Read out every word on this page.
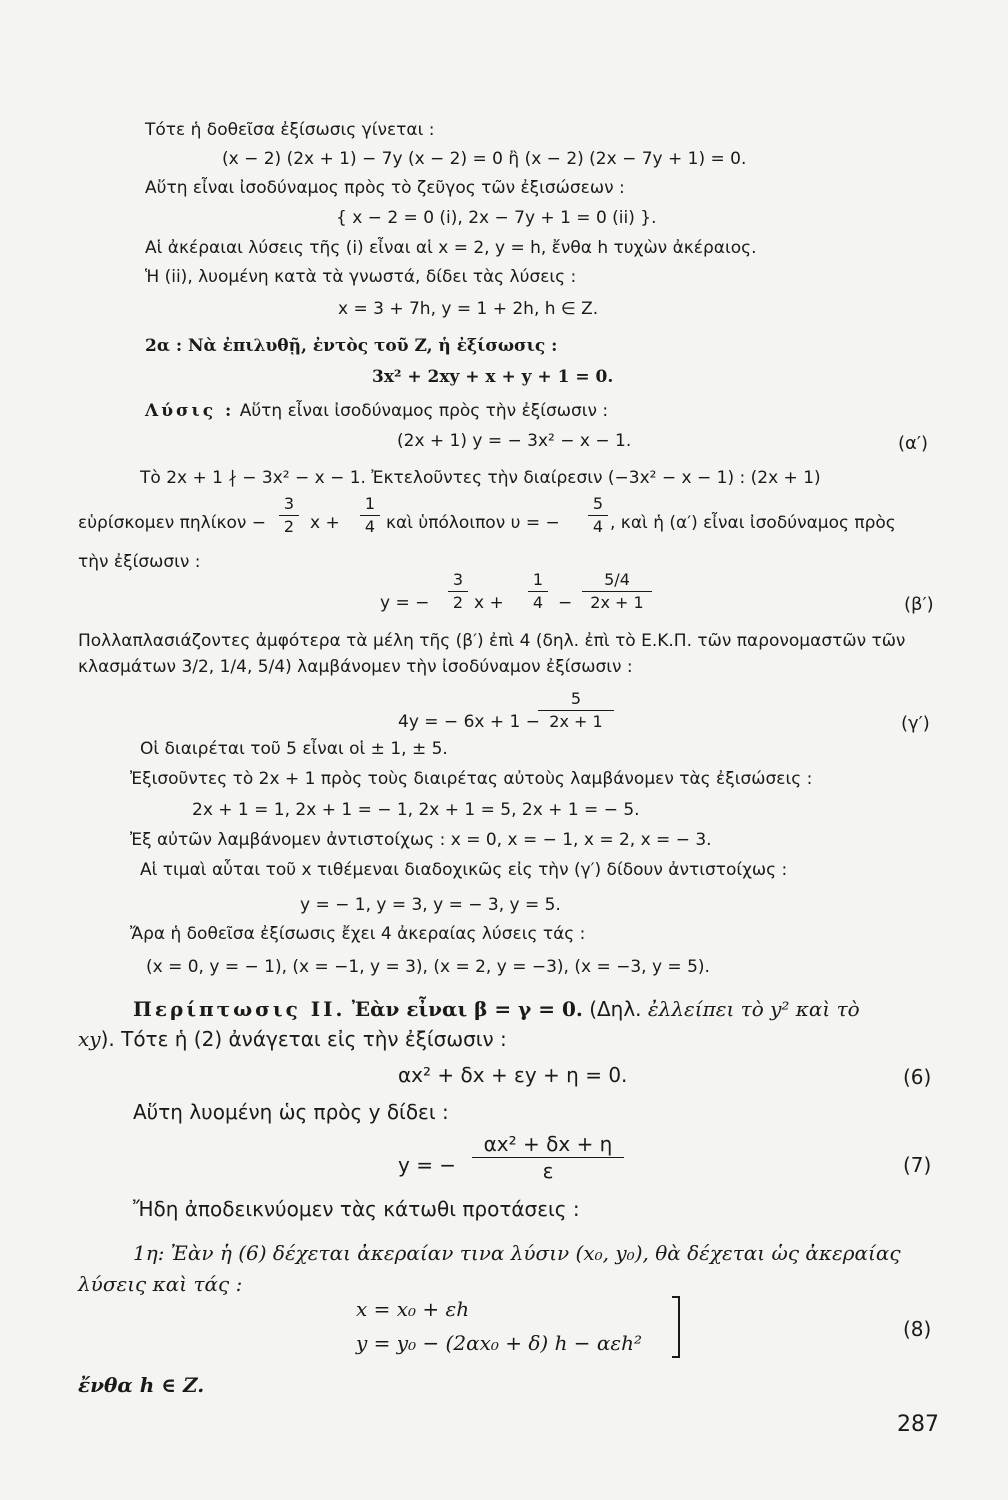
Τότε ἡ δοθεῖσα ἐξίσωσις γίνεται :
(x − 2) (2x + 1) − 7y (x − 2) = 0 ἢ (x − 2) (2x − 7y + 1) = 0.
Αὕτη εἶναι ἰσοδύναμος πρὸς τὸ ζεῦγος τῶν ἐξισώσεων :
{ x − 2 = 0 (i), 2x − 7y + 1 = 0 (ii) }.
Αἱ ἀκέραιαι λύσεις τῆς (i) εἶναι αἱ x = 2, y = h, ἔνθα h τυχὼν ἀκέραιος.
Ἡ (ii), λυομένη κατὰ τὰ γνωστά, δίδει τὰς λύσεις :
x = 3 + 7h, y = 1 + 2h, h ∈ Z.
2α : Νὰ ἐπιλυθῇ, ἐντὸς τοῦ Z, ἡ ἐξίσωσις :
3x² + 2xy + x + y + 1 = 0.
Λύσις : Αὕτη εἶναι ἰσοδύναμος πρὸς τὴν ἐξίσωσιν :
(2x + 1) y = − 3x² − x − 1.	(α′)
Τὸ 2x + 1 ∤ − 3x² − x − 1. Ἐκτελοῦντες τὴν διαίρεσιν (−3x² − x − 1) : (2x + 1)
εὑρίσκομεν πηλίκον −
3
2 x +
1
4 καὶ ὑπόλοιπον υ = −
5
4 , καὶ ἡ (α′) εἶναι ἰσοδύναμος πρὸς
τὴν ἐξίσωσιν :
y = −
3
2 x +
1
4 −
5/4
2x + 1	(β′)
Πολλαπλασιάζοντες ἀμφότερα τὰ μέλη τῆς (β′) ἐπὶ 4 (δηλ. ἐπὶ τὸ Ε.Κ.Π. τῶν παρονομαστῶν τῶν
κλασμάτων 3/2, 1/4, 5/4) λαμβάνομεν τὴν ἰσοδύναμον ἐξίσωσιν :
4y = − 6x + 1 −
5
2x + 1	(γ′)
Οἱ διαιρέται τοῦ 5 εἶναι οἱ ± 1, ± 5.
Ἐξισοῦντες τὸ 2x + 1 πρὸς τοὺς διαιρέτας αὐτοὺς λαμβάνομεν τὰς ἐξισώσεις :
2x + 1 = 1, 2x + 1 = − 1, 2x + 1 = 5, 2x + 1 = − 5.
Ἐξ αὐτῶν λαμβάνομεν ἀντιστοίχως : x = 0, x = − 1, x = 2, x = − 3.
Αἱ τιμαὶ αὗται τοῦ x τιθέμεναι διαδοχικῶς εἰς τὴν (γ′) δίδουν ἀντιστοίχως :
y = − 1, y = 3, y = − 3, y = 5.
Ἄρα ἡ δοθεῖσα ἐξίσωσις ἔχει 4 ἀκεραίας λύσεις τάς :
(x = 0, y = − 1), (x = −1, y = 3), (x = 2, y = −3), (x = −3, y = 5).
Περίπτωσις ΙΙ. Ἐὰν εἶναι β = γ = 0. (Δηλ. ἐλλείπει τὸ y² καὶ τὸ
xy). Τότε ἡ (2) ἀνάγεται εἰς τὴν ἐξίσωσιν :
αx² + δx + εy + η = 0.	(6)
Αὕτη λυομένη ὡς πρὸς y δίδει :
y = −
αx² + δx + η
ε	(7)
Ἤδη ἀποδεικνύομεν τὰς κάτωθι προτάσεις :
1η: Ἐὰν ἡ (6) δέχεται ἀκεραίαν τινα λύσιν (x₀, y₀), θὰ δέχεται ὡς ἀκεραίας
λύσεις καὶ τάς :
x = x₀ + εh
y = y₀ − (2αx₀ + δ) h − αεh²
(8)
ἔνθα h ∈ Z.
287
